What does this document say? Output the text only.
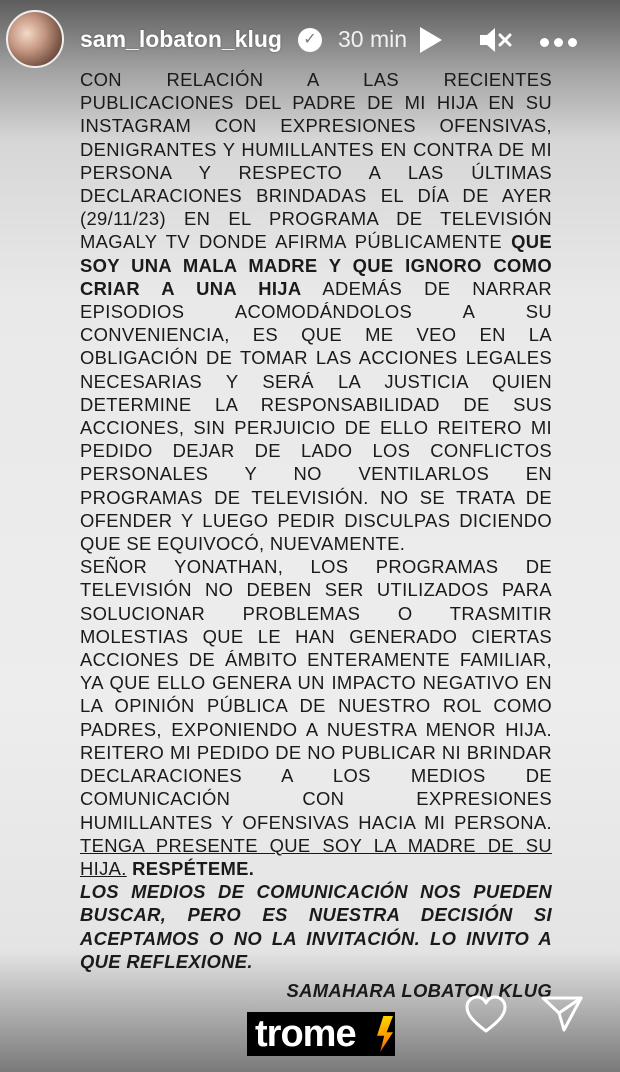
sam_lobaton_klug	✓ 30 min

CON RELACIÓN A LAS RECIENTES PUBLICACIONES DEL PADRE DE MI HIJA EN SU INSTAGRAM CON EXPRESIONES OFENSIVAS, DENIGRANTES Y HUMILLANTES EN CONTRA DE MI PERSONA Y RESPECTO A LAS ÚLTIMAS DECLARACIONES BRINDADAS EL DÍA DE AYER (29/11/23) EN EL PROGRAMA DE TELEVISIÓN MAGALY TV DONDE AFIRMA PÚBLICAMENTE QUE SOY UNA MALA MADRE Y QUE IGNORO COMO CRIAR A UNA HIJA ADEMÁS DE NARRAR EPISODIOS ACOMODÁNDOLOS A SU CONVENIENCIA, ES QUE ME VEO EN LA OBLIGACIÓN DE TOMAR LAS ACCIONES LEGALES NECESARIAS Y SERÁ LA JUSTICIA QUIEN DETERMINE LA RESPONSABILIDAD DE SUS ACCIONES, SIN PERJUICIO DE ELLO REITERO MI PEDIDO DEJAR DE LADO LOS CONFLICTOS PERSONALES Y NO VENTILARLOS EN PROGRAMAS DE TELEVISIÓN. NO SE TRATA DE OFENDER Y LUEGO PEDIR DISCULPAS DICIENDO QUE SE EQUIVOCÓ, NUEVAMENTE.

SEÑOR YONATHAN, LOS PROGRAMAS DE TELEVISIÓN NO DEBEN SER UTILIZADOS PARA SOLUCIONAR PROBLEMAS O TRASMITIR MOLESTIAS QUE LE HAN GENERADO CIERTAS ACCIONES DE ÁMBITO ENTERAMENTE FAMILIAR, YA QUE ELLO GENERA UN IMPACTO NEGATIVO EN LA OPINIÓN PÚBLICA DE NUESTRO ROL COMO PADRES, EXPONIENDO A NUESTRA MENOR HIJA. REITERO MI PEDIDO DE NO PUBLICAR NI BRINDAR DECLARACIONES A LOS MEDIOS DE COMUNICACIÓN CON EXPRESIONES HUMILLANTES Y OFENSIVAS HACIA MI PERSONA. TENGA PRESENTE QUE SOY LA MADRE DE SU HIJA. RESPÉTEME.

LOS MEDIOS DE COMUNICACIÓN NOS PUEDEN BUSCAR, PERO ES NUESTRA DECISIÓN SI ACEPTAMOS O NO LA INVITACIÓN. LO INVITO A QUE REFLEXIONE.

SAMAHARA LOBATON KLUG
trome
